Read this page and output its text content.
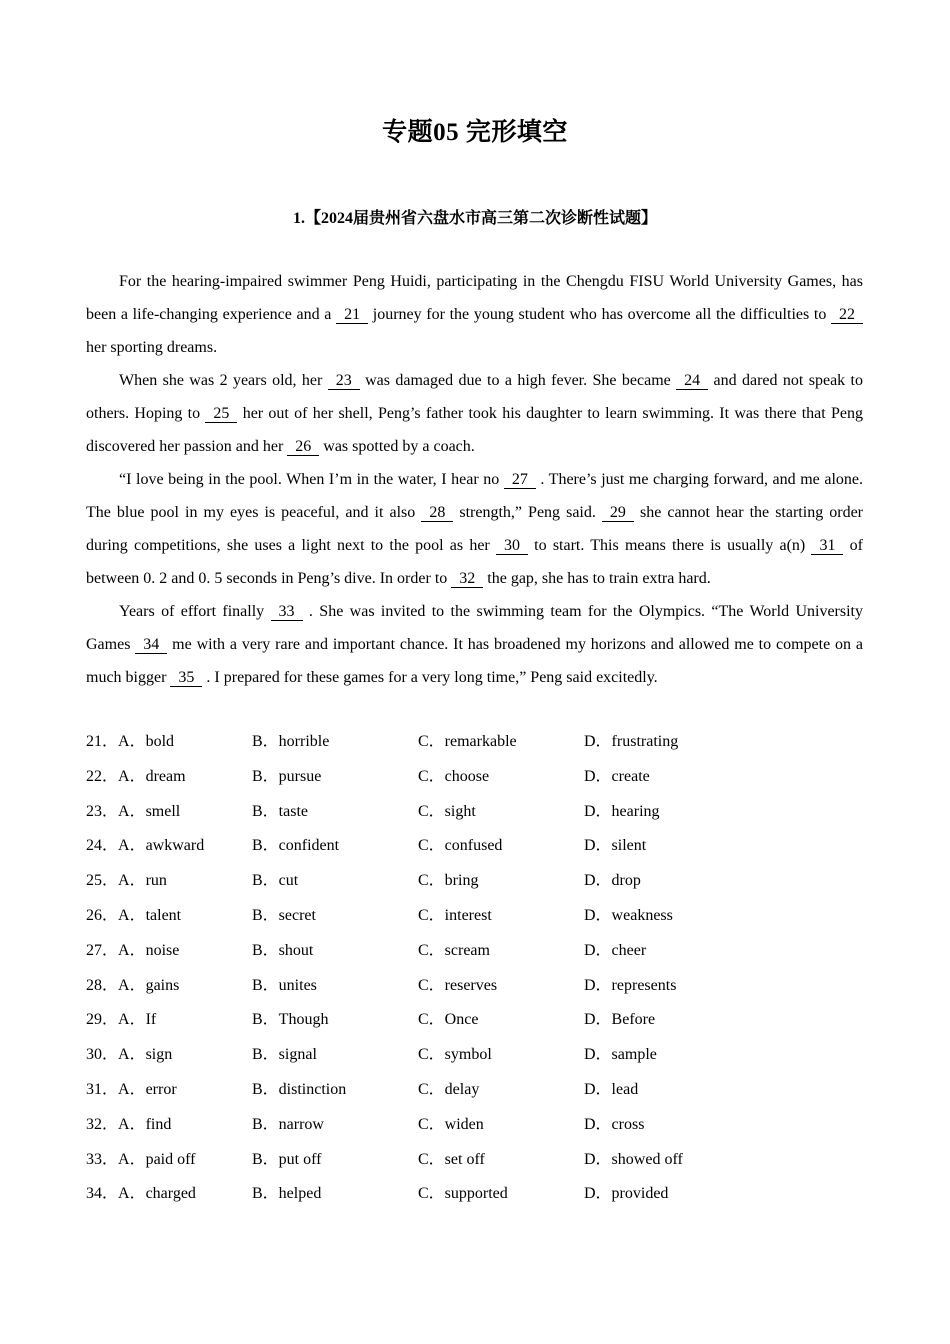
专题05 完形填空
1.【2024届贵州省六盘水市高三第二次诊断性试题】

For the hearing-impaired swimmer Peng Huidi, participating in the Chengdu FISU World University Games, has been a life-changing experience and a 21 journey for the young student who has overcome all the difficulties to 22 her sporting dreams.

When she was 2 years old, her 23 was damaged due to a high fever. She became 24 and dared not speak to others. Hoping to 25 her out of her shell, Peng’s father took his daughter to learn swimming. It was there that Peng discovered her passion and her 26 was spotted by a coach.

“I love being in the pool. When I’m in the water, I hear no 27 . There’s just me charging forward, and me alone. The blue pool in my eyes is peaceful, and it also 28 strength,” Peng said. 29 she cannot hear the starting order during competitions, she uses a light next to the pool as her 30 to start. This means there is usually a(n) 31 of between 0. 2 and 0. 5 seconds in Peng’s dive. In order to 32 the gap, she has to train extra hard.

Years of effort finally 33 . She was invited to the swimming team for the Olympics. “The World University Games 34 me with a very rare and important chance. It has broadened my horizons and allowed me to compete on a much bigger 35 . I prepared for these games for a very long time,” Peng said excitedly.

21．A．bold	B．horrible	C．remarkable	D．frustrating
22．A．dream	B．pursue	C．choose	D．create
23．A．smell	B．taste	C．sight	D．hearing
24．A．awkward	B．confident	C．confused	D．silent
25．A．run	B．cut	C．bring	D．drop
26．A．talent	B．secret	C．interest	D．weakness
27．A．noise	B．shout	C．scream	D．cheer
28．A．gains	B．unites	C．reserves	D．represents
29．A．If	B．Though	C．Once	D．Before
30．A．sign	B．signal	C．symbol	D．sample
31．A．error	B．distinction	C．delay	D．lead
32．A．find	B．narrow	C．widen	D．cross
33．A．paid off	B．put off	C．set off	D．showed off
34．A．charged	B．helped	C．supported	D．provided
